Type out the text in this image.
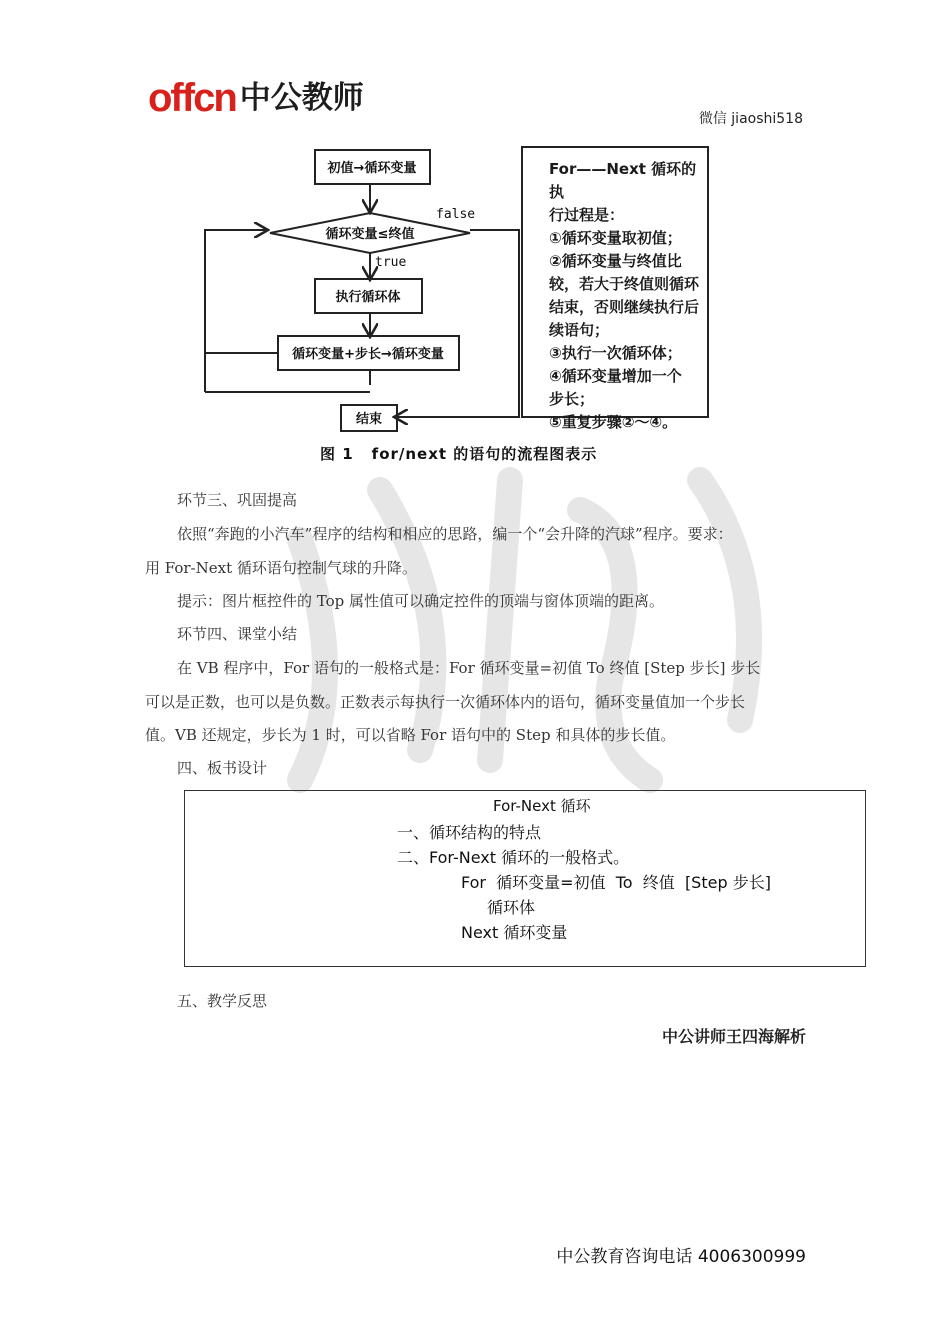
offcn 中公教师
微信 jiaoshi518
初值→循环变量
循环变量≤终值
执行循环体
循环变量+步长→循环变量
结束
false
true
图 1 for/next 的语句的流程图表示

For——Next 循环的执

行过程是：

①循环变量取初值；

②循环变量与终值比

较，若大于终值则循环

结束，否则继续执行后

续语句；

③执行一次循环体；

④循环变量增加一个

步长；

⑤重复步骤②～④。

环节三、巩固提高
依照“奔跑的小汽车”程序的结构和相应的思路，编一个“会升降的汽球”程序。要求：
用 For-Next 循环语句控制气球的升降。
提示：图片框控件的 Top 属性值可以确定控件的顶端与窗体顶端的距离。
环节四、课堂小结
在 VB 程序中，For 语句的一般格式是：For 循环变量=初值 To 终值 [Step 步长] 步长
可以是正数，也可以是负数。正数表示每执行一次循环体内的语句，循环变量值加一个步长
值。VB 还规定，步长为 1 时，可以省略 For 语句中的 Step 和具体的步长值。
四、板书设计
For-Next 循环
一、循环结构的特点
二、For-Next 循环的一般格式。
For  循环变量=初值  To  终值  [Step 步长]
循环体
Next 循环变量
五、教学反思
中公讲师王四海解析
中公教育咨询电话 4006300999
